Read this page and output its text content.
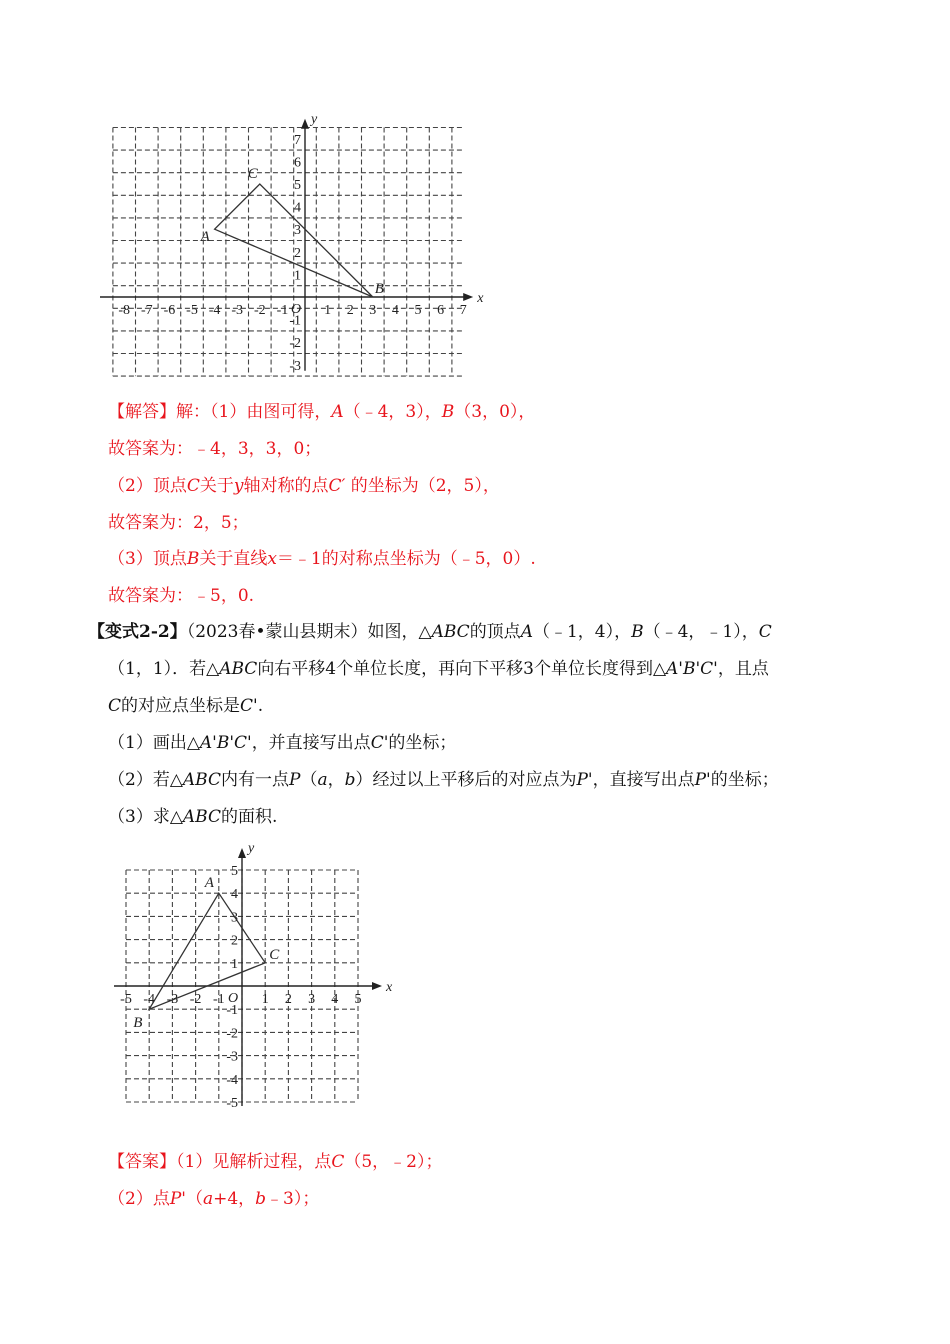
x
y
O
-8 -7 -6 -5 -4 -3 -2 -1	1 2 3 4 5 6 7
7
6
5
4
3
2
1
-1
-2
-3
A
B
C
【解答】解：（1）由图可得，A（﹣4，3），B（3，0），
故答案为：﹣4，3，3，0；
（2）顶点C关于y轴对称的点C′ 的坐标为（2，5），
故答案为：2，5；
（3）顶点B关于直线x＝﹣1的对称点坐标为（﹣5，0）.
故答案为：﹣5，0.
【变式2-2】（2023春•蒙山县期末）如图，△ABC的顶点A（﹣1，4），B（﹣4，﹣1），C
（1，1）．若△ABC向右平移4个单位长度，再向下平移3个单位长度得到△A'B'C'，且点
C的对应点坐标是C'.
（1）画出△A'B'C'，并直接写出点C'的坐标；
（2）若△ABC内有一点P（a，b）经过以上平移后的对应点为P'，直接写出点P'的坐标；
（3）求△ABC的面积.
x
y
O
-5 -4 -3 -2 -1	1 2 3 4 5
5
4
3
2
1
-1
-2
-3
-4
-5
A
B
C
【答案】（1）见解析过程，点C（5，﹣2）；
（2）点P'（a+4，b﹣3）；
